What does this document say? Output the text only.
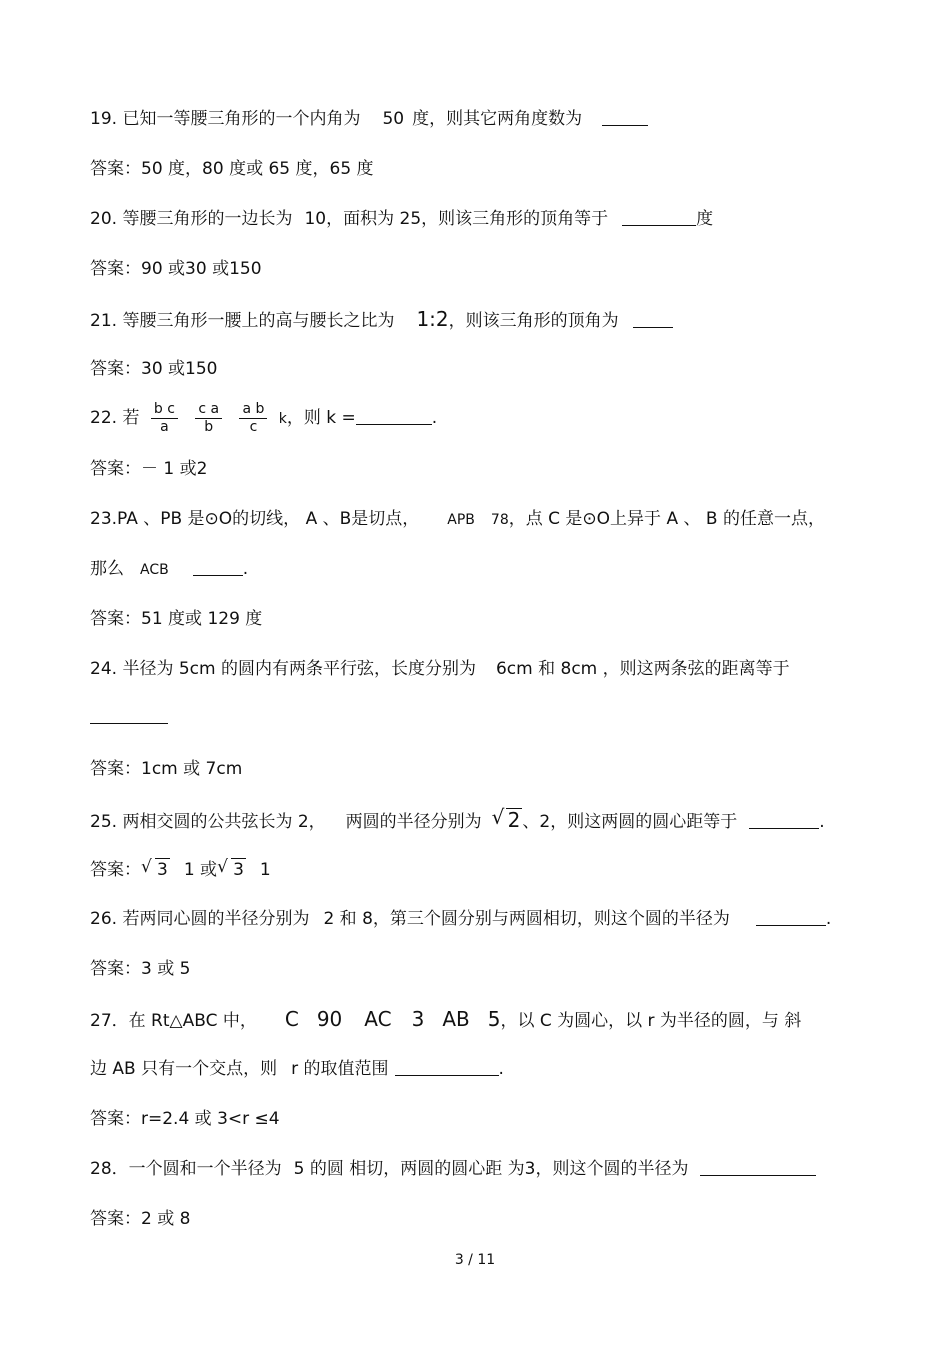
19. 已知一等腰三角形的一个内角为 50 度，则其它两角度数为
答案：50 度，80 度或 65 度，65 度
20. 等腰三角形的一边长为 10，面积为 25，则该三角形的顶角等于	度
答案：90 或30 或150
21. 等腰三角形一腰上的高与腰长之比为 1:2，则该三角形的顶角为
答案：30 或150
22. 若 $\frac{\text{b c}}{a}$
$\frac{\text{c a}}{b}$
$\frac{\text{a b}}{c}$ k，则 k =	.
答案：－ 1 或2
23.PA 、PB 是⊙O的切线， A 、B是切点， APB 78，点 C 是⊙O上异于 A 、 B 的任意一点，
那么 ACB	.
答案：51 度或 129 度
24. 半径为 5cm 的圆内有两条平行弦，长度分别为 6cm 和 8cm ，则这两条弦的距离等于
答案：1cm 或 7cm
25. 两相交圆的公共弦长为 2， 两圆的半径分别为 √ 2 、2，则这两圆的圆心距等于	.
答案： √ 3 1 或 √ 3 1
26. 若两同心圆的半径分别为 2 和 8，第三个圆分别与两圆相切，则这个圆的半径为	.
答案：3 或 5
27．在 Rt△ABC 中， C 90 AC 3 AB 5，以 C 为圆心，以 r 为半径的圆，与 斜
边 AB 只有一个交点，则 r 的取值范围	.
答案：r=2.4 或 3<r ≤4
28．一个圆和一个半径为 5 的圆 相切，两圆的圆心距 为3，则这个圆的半径为
答案：2 或 8
3 / 11
